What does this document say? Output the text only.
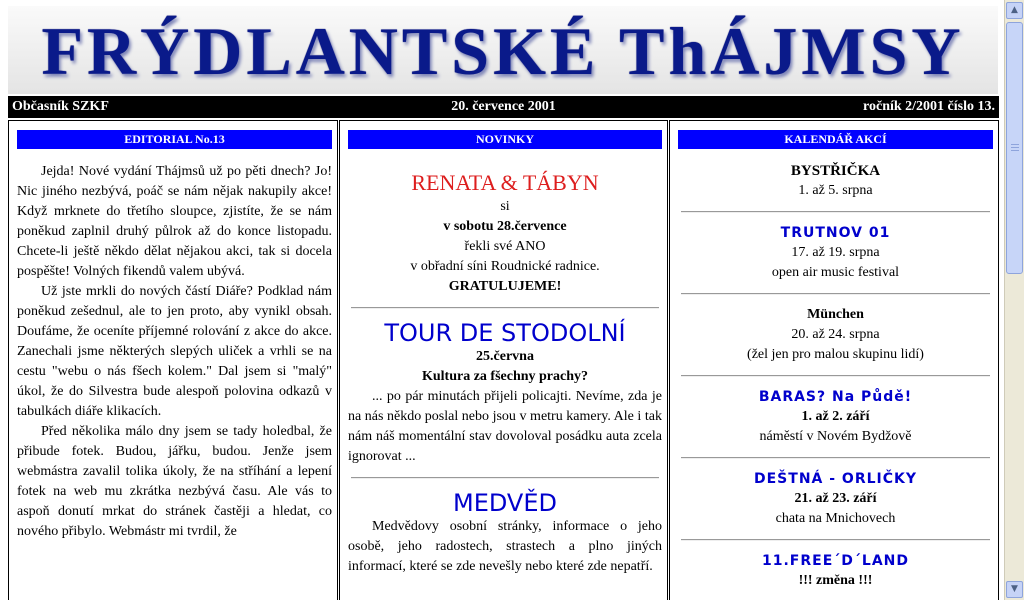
FRÝDLANTSKÉ ThÁJMSY
20. července 2001
Občasník SZKF	ročník 2/2001 číslo 13.
EDITORIAL No.13

Jejda! Nové vydání Thájmsů už po pěti dnech? Jo! Nic jiného nezbývá, poáč se nám nějak nakupily akce! Když mrknete do třetího sloupce, zjistíte, že se nám poněkud zaplnil druhý půlrok až do konce listopadu. Chcete-li ještě někdo dělat nějakou akci, tak si docela pospěšte! Volných fikendů valem ubývá.

Už jste mrkli do nových částí Diáře? Podklad nám poněkud zešednul, ale to jen proto, aby vynikl obsah. Doufáme, že oceníte příjemné rolování z akce do akce. Zanechali jsme některých slepých uliček a vrhli se na cestu "webu o nás fšech kolem." Dal jsem si "malý" úkol, že do Silvestra bude alespoň polovina odkazů v tabulkách diáře klikacích.

Před několika málo dny jsem se tady holedbal, že přibude fotek. Budou, jářku, budou. Jenže jsem webmástra zavalil tolika úkoly, že na stříhání a lepení fotek na web mu zkrátka nezbývá času. Ale vás to aspoň donutí mrkat do stránek častěji a hledat, co nového přibylo. Webmástr mi tvrdil, že

NOVINKY
RENATA & TÁBYN
si
v sobotu 28.července
řekli své ANO
v obřadní síni Roudnické radnice.
GRATULUJEME!
TOUR DE STODOLNÍ
25.června
Kultura za fšechny prachy?
... po pár minutách přijeli policajti. Nevíme, zda je na nás někdo poslal nebo jsou v metru kamery. Ale i tak nám náš momentální stav dovoloval posádku auta zcela ignorovat ...
MEDVĚD
Medvědovy osobní stránky, informace o jeho osobě, jeho radostech, strastech a plno jiných informací, které se zde nevešly nebo které zde nepatří.
KALENDÁŘ AKCÍ
BYSTŘIČKA
1. až 5. srpna
TRUTNOV 01
17. až 19. srpna
open air music festival
München
20. až 24. srpna
(žel jen pro malou skupinu lidí)
BARAS? Na Půdě!
1. až 2. září
náměstí v Novém Bydžově
DEŠTNÁ - ORLIČKY
21. až 23. září
chata na Mnichovech
11.FREE´D´LAND
!!! změna !!!
▲
▼
